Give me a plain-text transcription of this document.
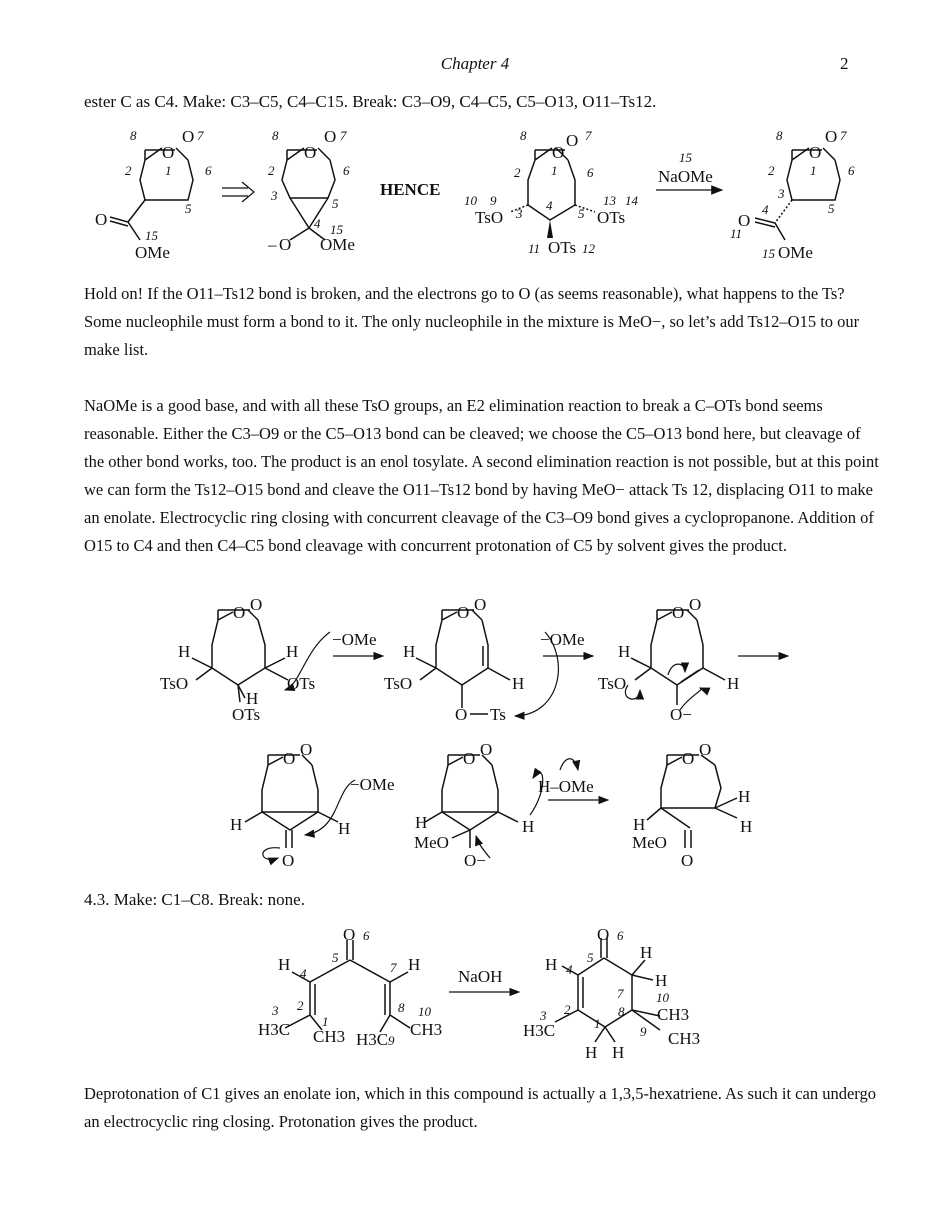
Chapter 4	2
ester C as C4. Make: C3–C5, C4–C15. Break: C3–O9, C4–C5, C5–O13, O11–Ts12.
O
O
O
OMe
8	7
2	1	6
5
15
O
O
– O OMe
8	7
2	6
3
5
4 15
HENCE
O
O
TsO	OTs
OTs
8	7
2 1 6
10 9
3
4
5
13 14
11	12
15
NaOMe
O
O
O
OMe
8	7
2	1 6
3
4	5
11
15

Hold on! If the O11–Ts12 bond is broken, and the electrons go to O (as seems reasonable), what happens to the Ts? Some nucleophile must form a bond to it. The only nucleophile in the mixture is MeO−, so let’s add Ts12–O15 to our make list.

NaOMe is a good base, and with all these TsO groups, an E2 elimination reaction to break a C–OTs bond seems reasonable. Either the C3–O9 or the C5–O13 bond can be cleaved; we choose the C5–O13 bond here, but cleavage of the other bond works, too. The product is an enol tosylate. A second elimination reaction is not possible, but at this point we can form the Ts12–O15 bond and cleave the O11–Ts12 bond by having MeO− attack Ts 12, displacing O11 to make an enolate. Electrocyclic ring closing with concurrent cleavage of the C3–O9 bond gives a cyclopropanone. Addition of O15 to C4 and then C4–C5 bond cleavage with concurrent protonation of C5 by solvent gives the product.

O O
H
TsO
H
OTs
H
OTs
−OMe
O O
H
TsO	H
O Ts
−OMe
O O
H
TsO	H
O−
O O
H	H
O
−OMe
O O
H
MeO
H
O−
H–OMe
O O
H
MeO
H
H
O
4.3. Make: C1–C8. Break: none.
O 6
5
4	7
H	H
3 2
1
8 10
H3C CH3 H3C 9
CH3
NaOH
O 6
5
4
H
7
8
10
H
H
CH3
9 CH3
3 2
1
H3C
H H

Deprotonation of C1 gives an enolate ion, which in this compound is actually a 1,3,5-hexatriene. As such it can undergo an electrocyclic ring closing. Protonation gives the product.
